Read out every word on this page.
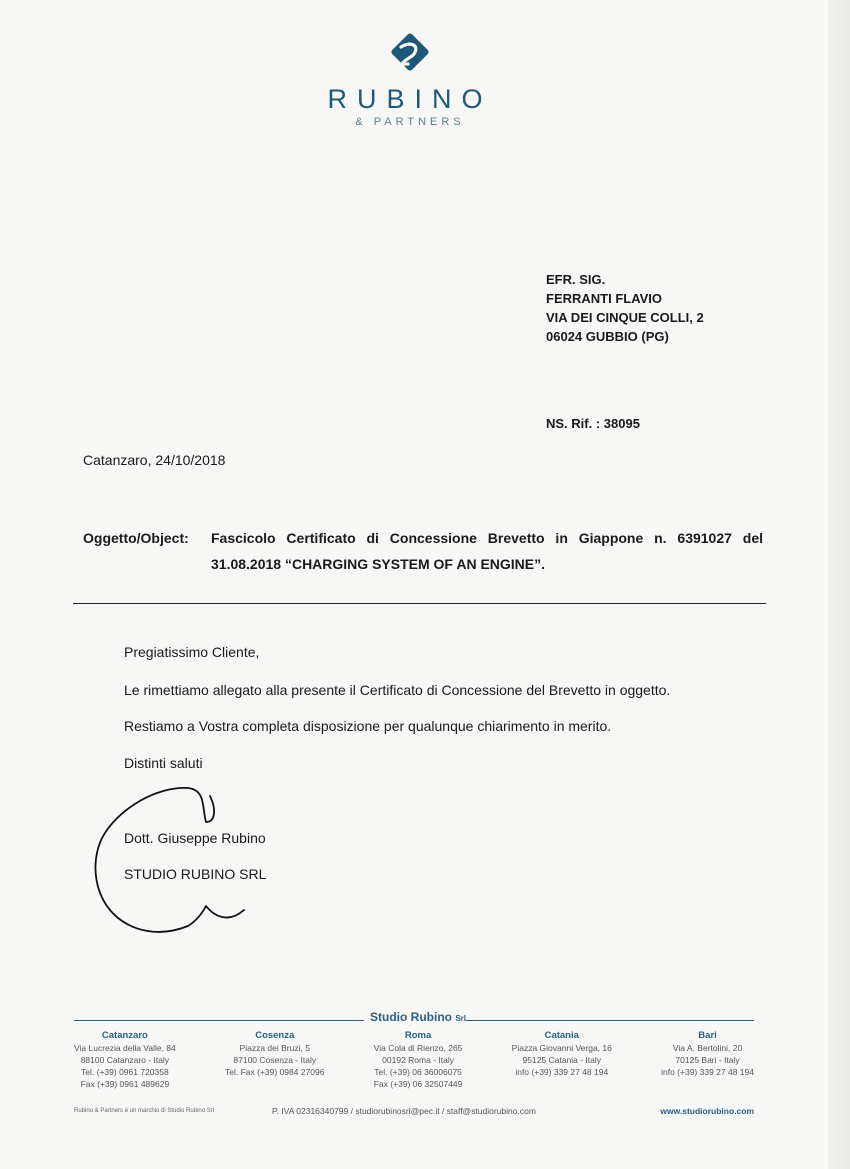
RUBINO
& PARTNERS
EFR. SIG.
FERRANTI FLAVIO
VIA DEI CINQUE COLLI, 2
06024 GUBBIO (PG)
NS. Rif. : 38095
Catanzaro, 24/10/2018
Oggetto/Object:	Fascicolo Certificato di Concessione Brevetto in Giappone n. 6391027 del
31.08.2018 “CHARGING SYSTEM OF AN ENGINE”.
Pregiatissimo Cliente,
Le rimettiamo allegato alla presente il Certificato di Concessione del Brevetto in oggetto.
Restiamo a Vostra completa disposizione per qualunque chiarimento in merito.
Distinti saluti
Dott. Giuseppe Rubino
STUDIO RUBINO SRL
Studio Rubino Srl
Catanzaro
Via Lucrezia della Valle, 84
88100 Catanzaro - Italy
Tel. (+39) 0961 720358
Fax (+39) 0961 489629
Cosenza
Piazza dei Bruzi, 5
87100 Cosenza - Italy
Tel. Fax (+39) 0984 27096
Roma
Via Cola di Rienzo, 265
00192 Roma - Italy
Tel. (+39) 06 36006075
Fax (+39) 06 32507449
Catania
Piazza Giovanni Verga, 16
95125 Catania - Italy
info (+39) 339 27 48 194
Bari
Via A. Bertolini, 20
70125 Bari - Italy
info (+39) 339 27 48 194
Rubino & Partners è un marchio di Studio Rubino Srl	P. IVA 02316340799 / studiorubinosrl@pec.it / staff@studiorubino.com	www.studiorubino.com
